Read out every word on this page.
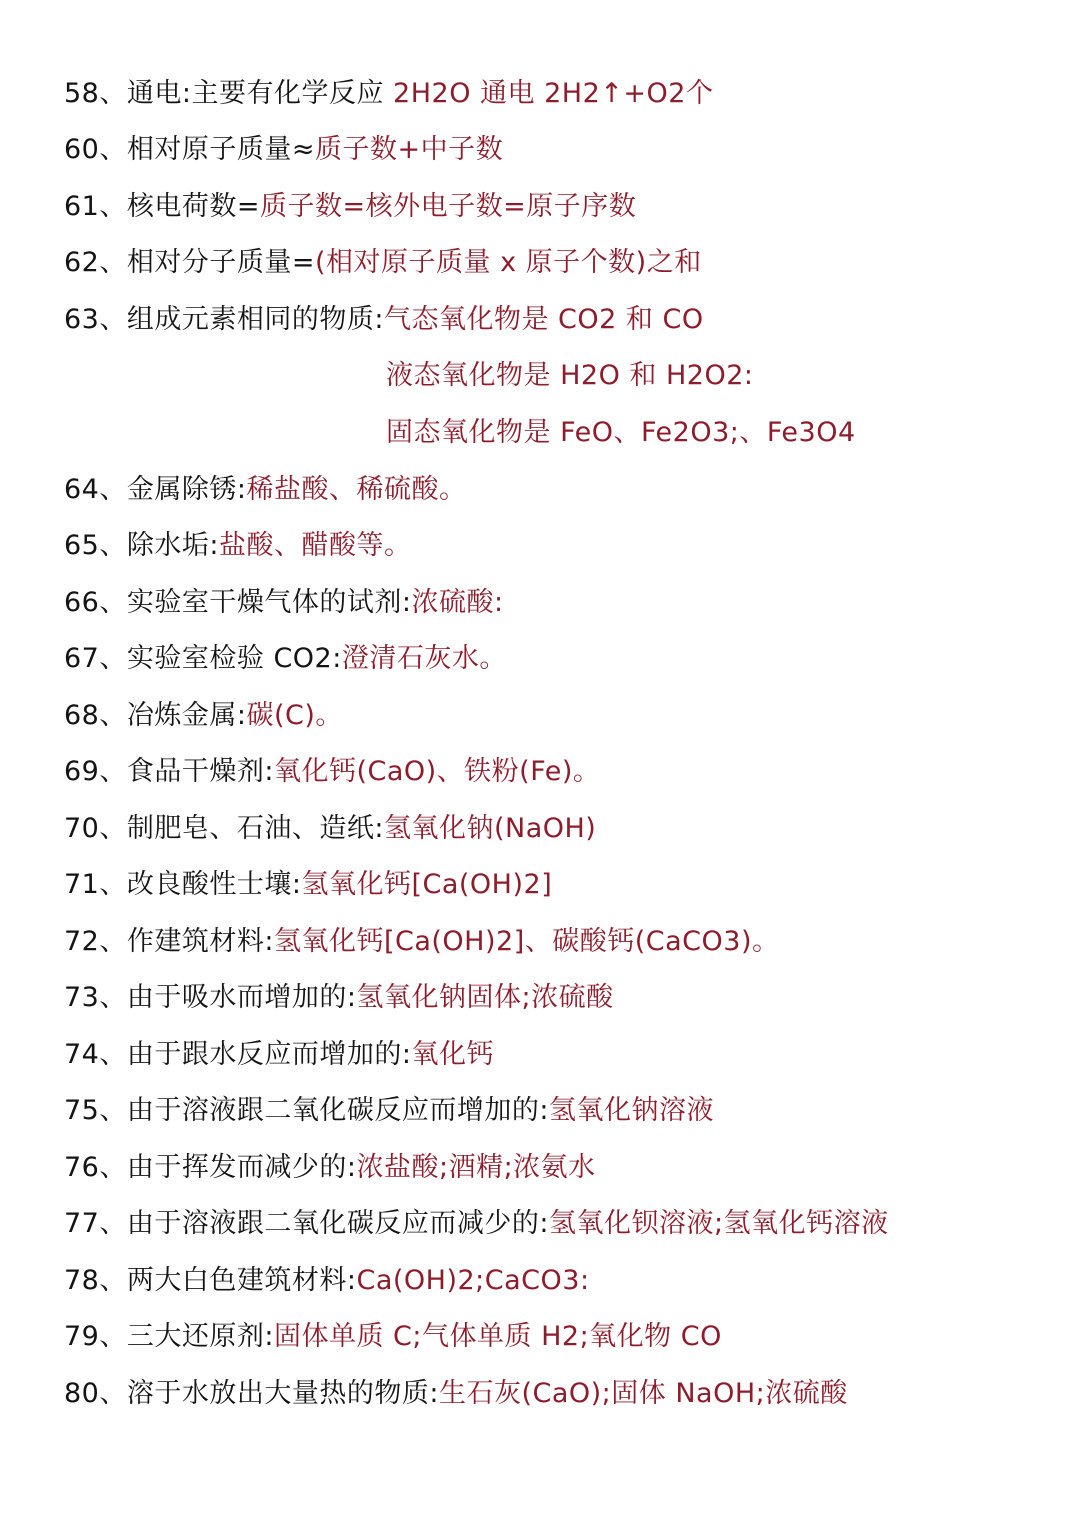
58、通电:主要有化学反应 2H2O 通电 2H2↑+O2个
60、相对原子质量≈质子数+中子数
61、核电荷数=质子数=核外电子数=原子序数
62、相对分子质量=(相对原子质量 x 原子个数)之和
63、组成元素相同的物质:气态氧化物是 CO2 和 CO
液态氧化物是 H2O 和 H2O2:
固态氧化物是 FeO、Fe2O3;、Fe3O4
64、金属除锈:稀盐酸、稀硫酸。
65、除水垢:盐酸、醋酸等。
66、实验室干燥气体的试剂:浓硫酸:
67、实验室检验 CO2:澄清石灰水。
68、冶炼金属:碳(C)。
69、食品干燥剂:氧化钙(CaO)、铁粉(Fe)。
70、制肥皂、石油、造纸:氢氧化钠(NaOH)
71、改良酸性士壤:氢氧化钙[Ca(OH)2]
72、作建筑材料:氢氧化钙[Ca(OH)2]、碳酸钙(CaCO3)。
73、由于吸水而增加的:氢氧化钠固体;浓硫酸
74、由于跟水反应而增加的:氧化钙
75、由于溶液跟二氧化碳反应而增加的:氢氧化钠溶液
76、由于挥发而减少的:浓盐酸;酒精;浓氨水
77、由于溶液跟二氧化碳反应而减少的:氢氧化钡溶液;氢氧化钙溶液
78、两大白色建筑材料:Ca(OH)2;CaCO3:
79、三大还原剂:固体单质 C;气体单质 H2;氧化物 CO
80、溶于水放出大量热的物质:生石灰(CaO);固体 NaOH;浓硫酸
